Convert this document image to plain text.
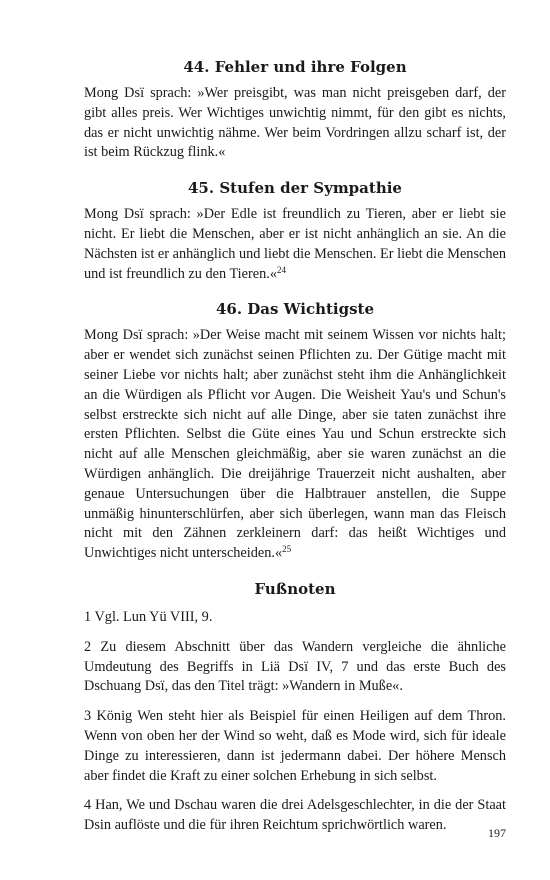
44. Fehler und ihre Folgen

Mong Dsï sprach: »Wer preisgibt, was man nicht preisgeben darf, der gibt alles preis. Wer Wichtiges unwichtig nimmt, für den gibt es nichts, das er nicht unwichtig nähme. Wer beim Vordringen allzu scharf ist, der ist beim Rückzug flink.«

45. Stufen der Sympathie

Mong Dsï sprach: »Der Edle ist freundlich zu Tieren, aber er liebt sie nicht. Er liebt die Menschen, aber er ist nicht anhänglich an sie. An die Nächsten ist er anhänglich und liebt die Menschen. Er liebt die Menschen und ist freundlich zu den Tieren.«$^{24}$

46. Das Wichtigste

Mong Dsï sprach: »Der Weise macht mit seinem Wissen vor nichts halt; aber er wendet sich zunächst seinen Pflichten zu. Der Gütige macht mit seiner Liebe vor nichts halt; aber zunächst steht ihm die Anhänglichkeit an die Würdigen als Pflicht vor Augen. Die Weisheit Yau's und Schun's selbst erstreckte sich nicht auf alle Dinge, aber sie taten zunächst ihre ersten Pflichten. Selbst die Güte eines Yau und Schun erstreckte sich nicht auf alle Menschen gleichmäßig, aber sie waren zunächst an die Würdigen anhänglich. Die dreijährige Trauerzeit nicht aushalten, aber genaue Untersuchungen über die Halbtrauer anstellen, die Suppe unmäßig hinunterschlürfen, aber sich überlegen, wann man das Fleisch nicht mit den Zähnen zerkleinern darf: das heißt Wichtiges und Unwichtiges nicht unterscheiden.«$^{25}$

Fußnoten

1 Vgl. Lun Yü VIII, 9.

2 Zu diesem Abschnitt über das Wandern vergleiche die ähnliche Umdeutung des Begriffs in Liä Dsï IV, 7 und das erste Buch des Dschuang Dsï, das den Titel trägt: »Wandern in Muße«.

3 König Wen steht hier als Beispiel für einen Heiligen auf dem Thron. Wenn von oben her der Wind so weht, daß es Mode wird, sich für ideale Dinge zu interessieren, dann ist jedermann dabei. Der höhere Mensch aber findet die Kraft zu einer solchen Erhebung in sich selbst.

4 Han, We und Dschau waren die drei Adelsgeschlechter, in die der Staat Dsin auflöste und die für ihren Reichtum sprichwörtlich waren.	197
